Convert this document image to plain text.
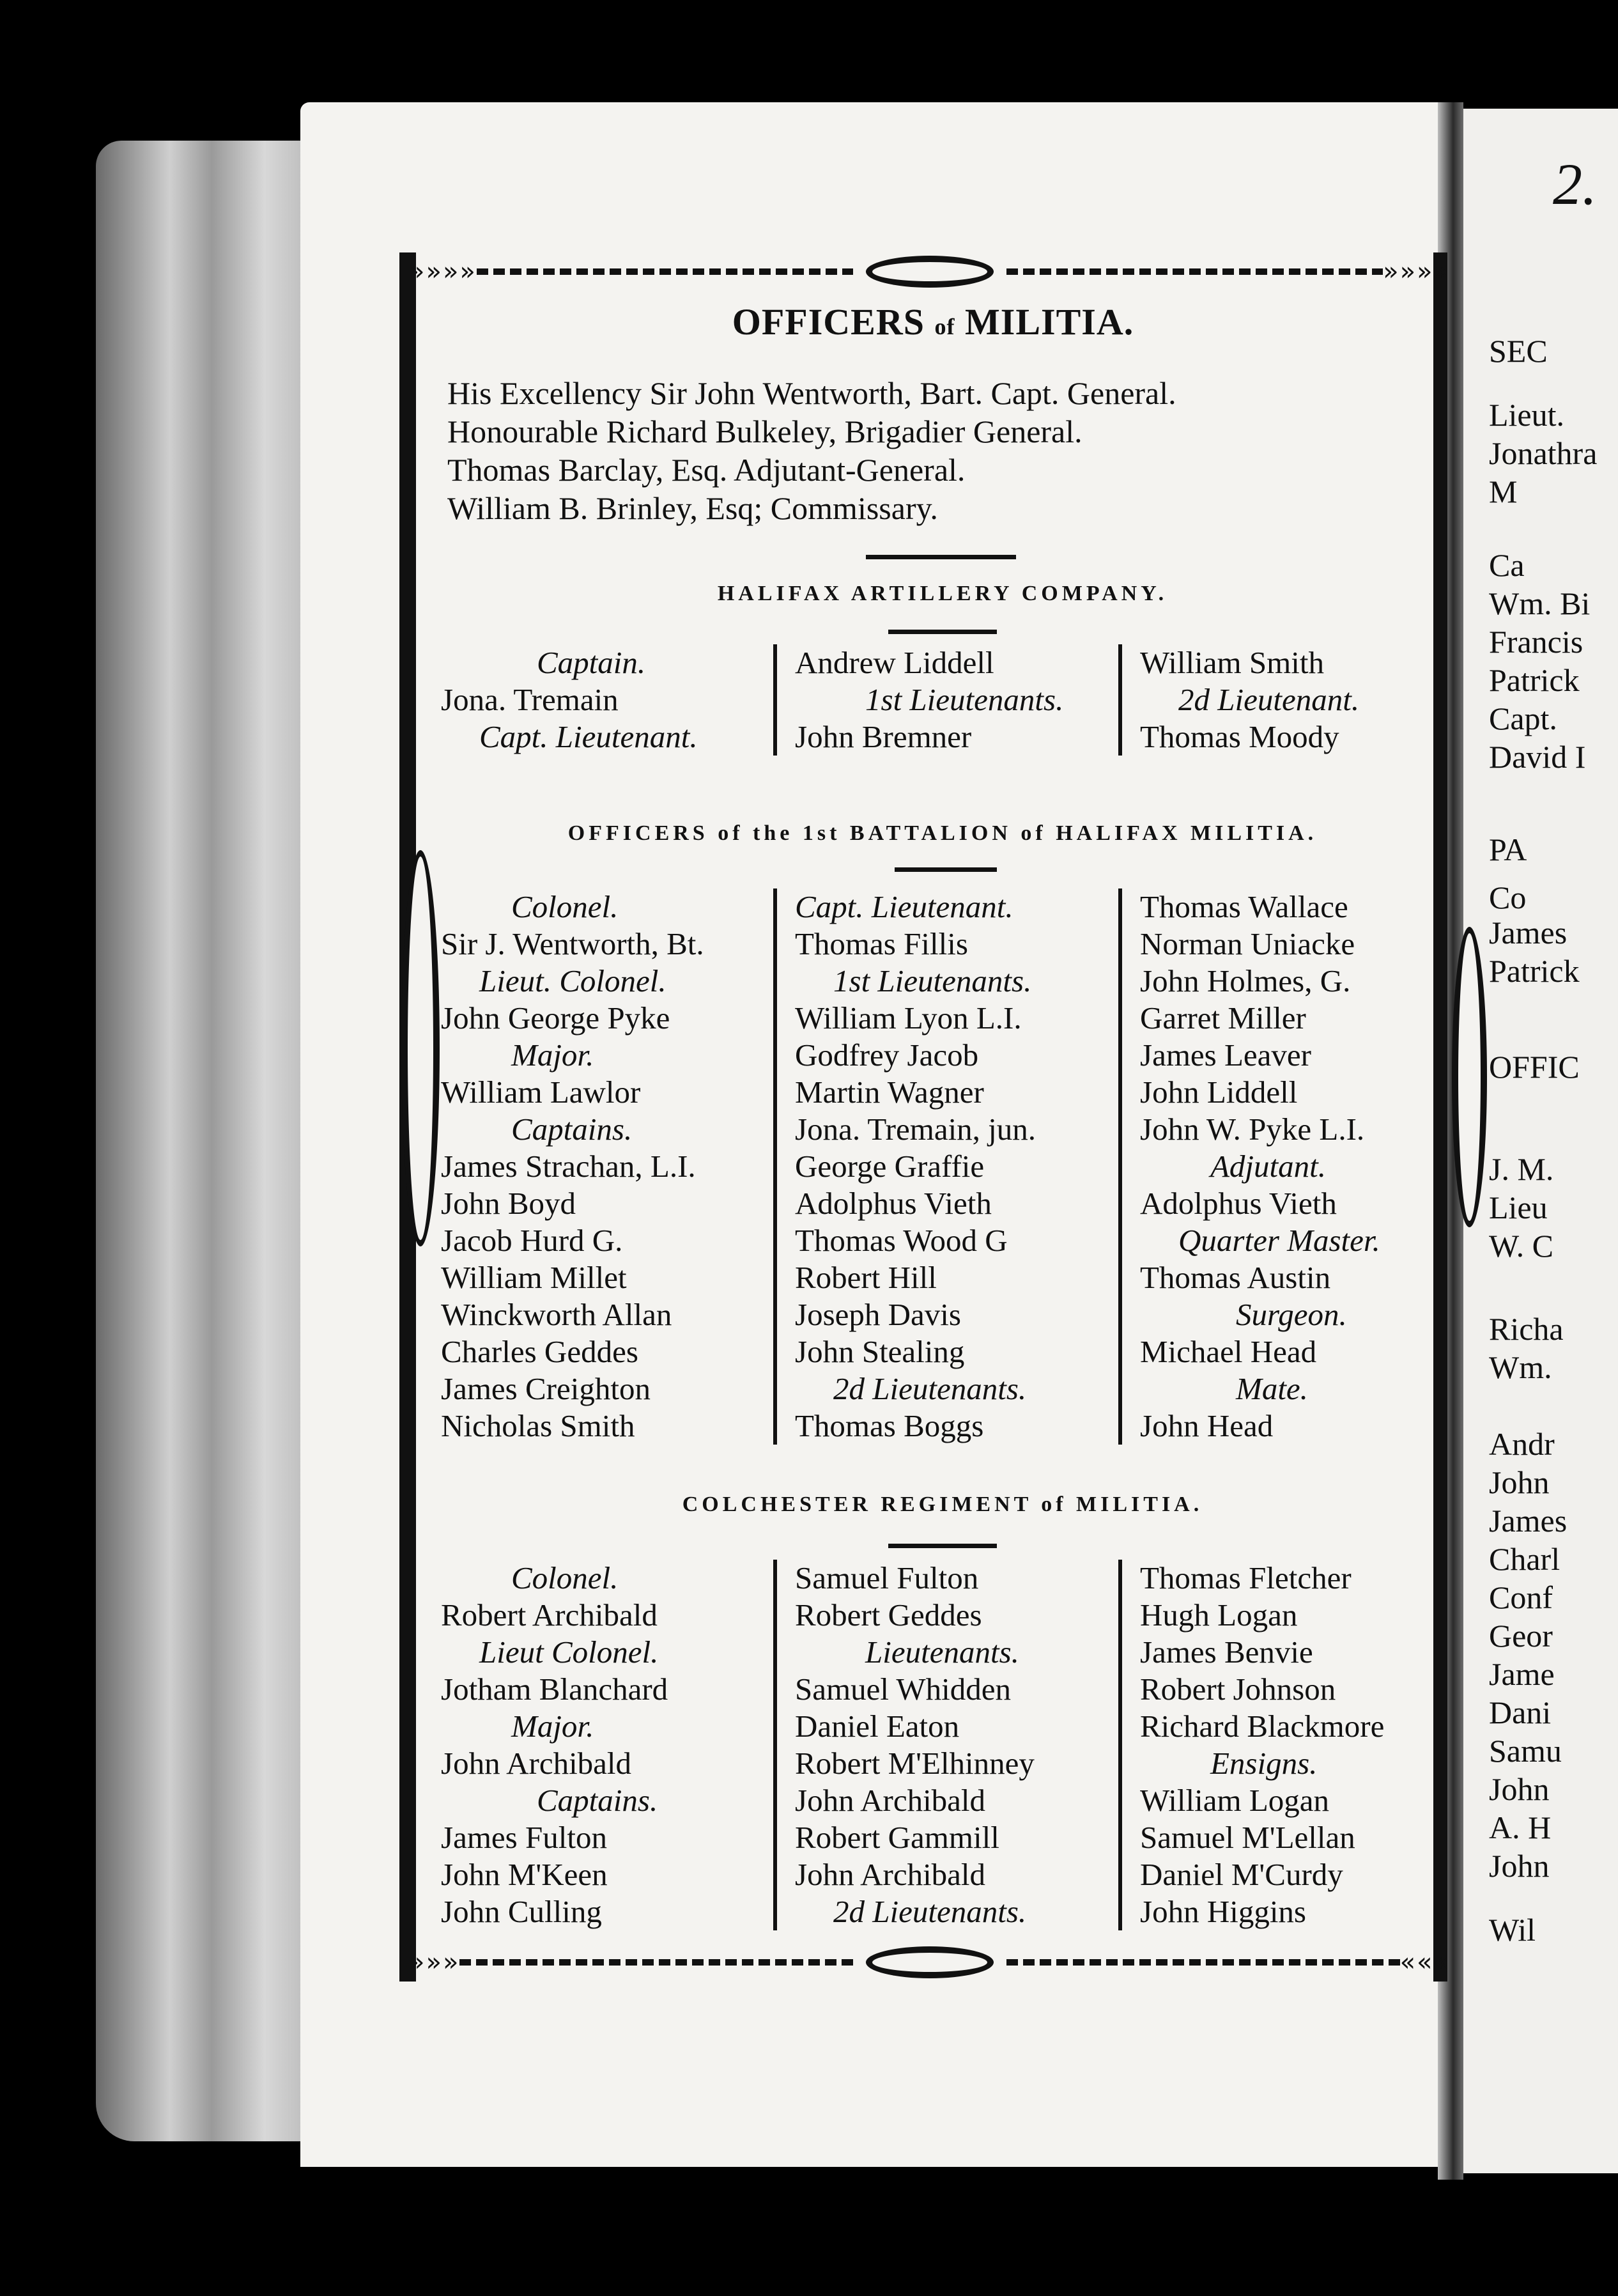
2.
»»»»	»»»»
»»»	«««
OFFICERS of MILITIA.
His Excellency Sir John Wentworth, Bart. Capt. General.
Honourable Richard Bulkeley, Brigadier General.
Thomas Barclay, Esq. Adjutant-General.
William B. Brinley, Esq; Commissary.
HALIFAX ARTILLERY COMPANY.
Captain.
Jona. Tremain
Capt. Lieutenant.
Andrew Liddell
1st Lieutenants.
John Bremner
William Smith
2d Lieutenant.
Thomas Moody
OFFICERS of the 1st BATTALION of HALIFAX MILITIA.
Colonel.
Sir J. Wentworth, Bt.
Lieut. Colonel.
John George Pyke
Major.
William Lawlor
Captains.
James Strachan, L.I.
John Boyd
Jacob Hurd G.
William Millet
Winckworth Allan
Charles Geddes
James Creighton
Nicholas Smith
Capt. Lieutenant.
Thomas Fillis
1st Lieutenants.
William Lyon L.I.
Godfrey Jacob
Martin Wagner
Jona. Tremain, jun.
George Graffie
Adolphus Vieth
Thomas Wood G
Robert Hill
Joseph Davis
John Stealing
2d Lieutenants.
Thomas Boggs
Thomas Wallace
Norman Uniacke
John Holmes, G.
Garret Miller
James Leaver
John Liddell
John W. Pyke L.I.
Adjutant.
Adolphus Vieth
Quarter Master.
Thomas Austin
Surgeon.
Michael Head
Mate.
John Head
COLCHESTER REGIMENT of MILITIA.
Colonel.
Robert Archibald
Lieut Colonel.
Jotham Blanchard
Major.
John Archibald
Captains.
James Fulton
John M'Keen
John Culling
Samuel Fulton
Robert Geddes
Lieutenants.
Samuel Whidden
Daniel Eaton
Robert M'Elhinney
John Archibald
Robert Gammill
John Archibald
2d Lieutenants.
Thomas Fletcher
Hugh Logan
James Benvie
Robert Johnson
Richard Blackmore
Ensigns.
William Logan
Samuel M'Lellan
Daniel M'Curdy
John Higgins
SEC
Lieut.
Jonathra
M
Ca
Wm. Bi
Francis
Patrick
Capt.
David I
PA
Co
James
Patrick
OFFIC
J. M.
Lieu
W. C
Richa
Wm.
Andr
John
James
Charl
Conf
Geor
Jame
Dani
Samu
John
A. H
John
Wil
